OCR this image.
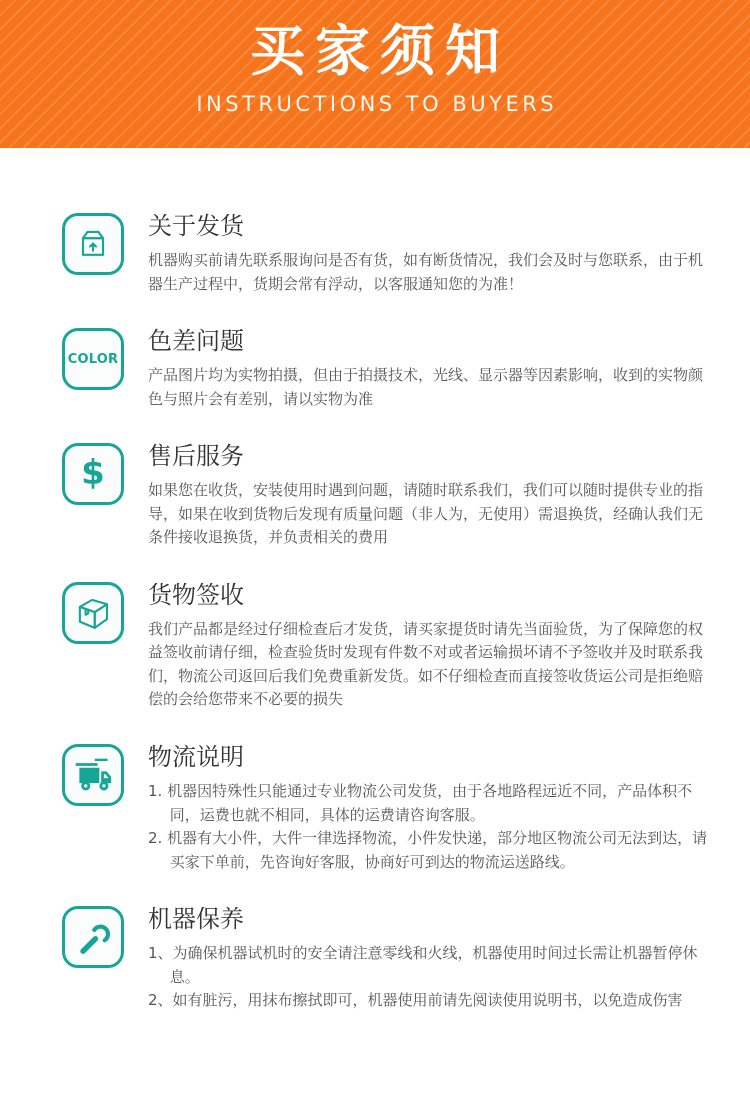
买家须知
INSTRUCTIONS TO BUYERS
关于发货

机器购买前请先联系服询问是否有货，如有断货情况，我们会及时与您联系，由于机器生产过程中，货期会常有浮动，以客服通知您的为准！

COLOR
色差问题

产品图片均为实物拍摄，但由于拍摄技术，光线、显示器等因素影响，收到的实物颜色与照片会有差别，请以实物为准

$ 售后服务

如果您在收货，安装使用时遇到问题，请随时联系我们，我们可以随时提供专业的指导，如果在收到货物后发现有质量问题（非人为，无使用）需退换货，经确认我们无条件接收退换货，并负责相关的费用

货物签收

我们产品都是经过仔细检查后才发货，请买家提货时请先当面验货，为了保障您的权益签收前请仔细，检查验货时发现有件数不对或者运输损坏请不予签收并及时联系我们，物流公司返回后我们免费重新发货。如不仔细检查而直接签收货运公司是拒绝赔偿的会给您带来不必要的损失

物流说明

1. 机器因特殊性只能通过专业物流公司发货，由于各地路程远近不同，产品体积不同，运费也就不相同，具体的运费请咨询客服。

2. 机器有大小件，大件一律选择物流，小件发快递，部分地区物流公司无法到达，请买家下单前，先咨询好客服，协商好可到达的物流运送路线。

机器保养

1、为确保机器试机时的安全请注意零线和火线，机器使用时间过长需让机器暂停休息。

2、如有脏污，用抹布擦拭即可，机器使用前请先阅读使用说明书，以免造成伤害
